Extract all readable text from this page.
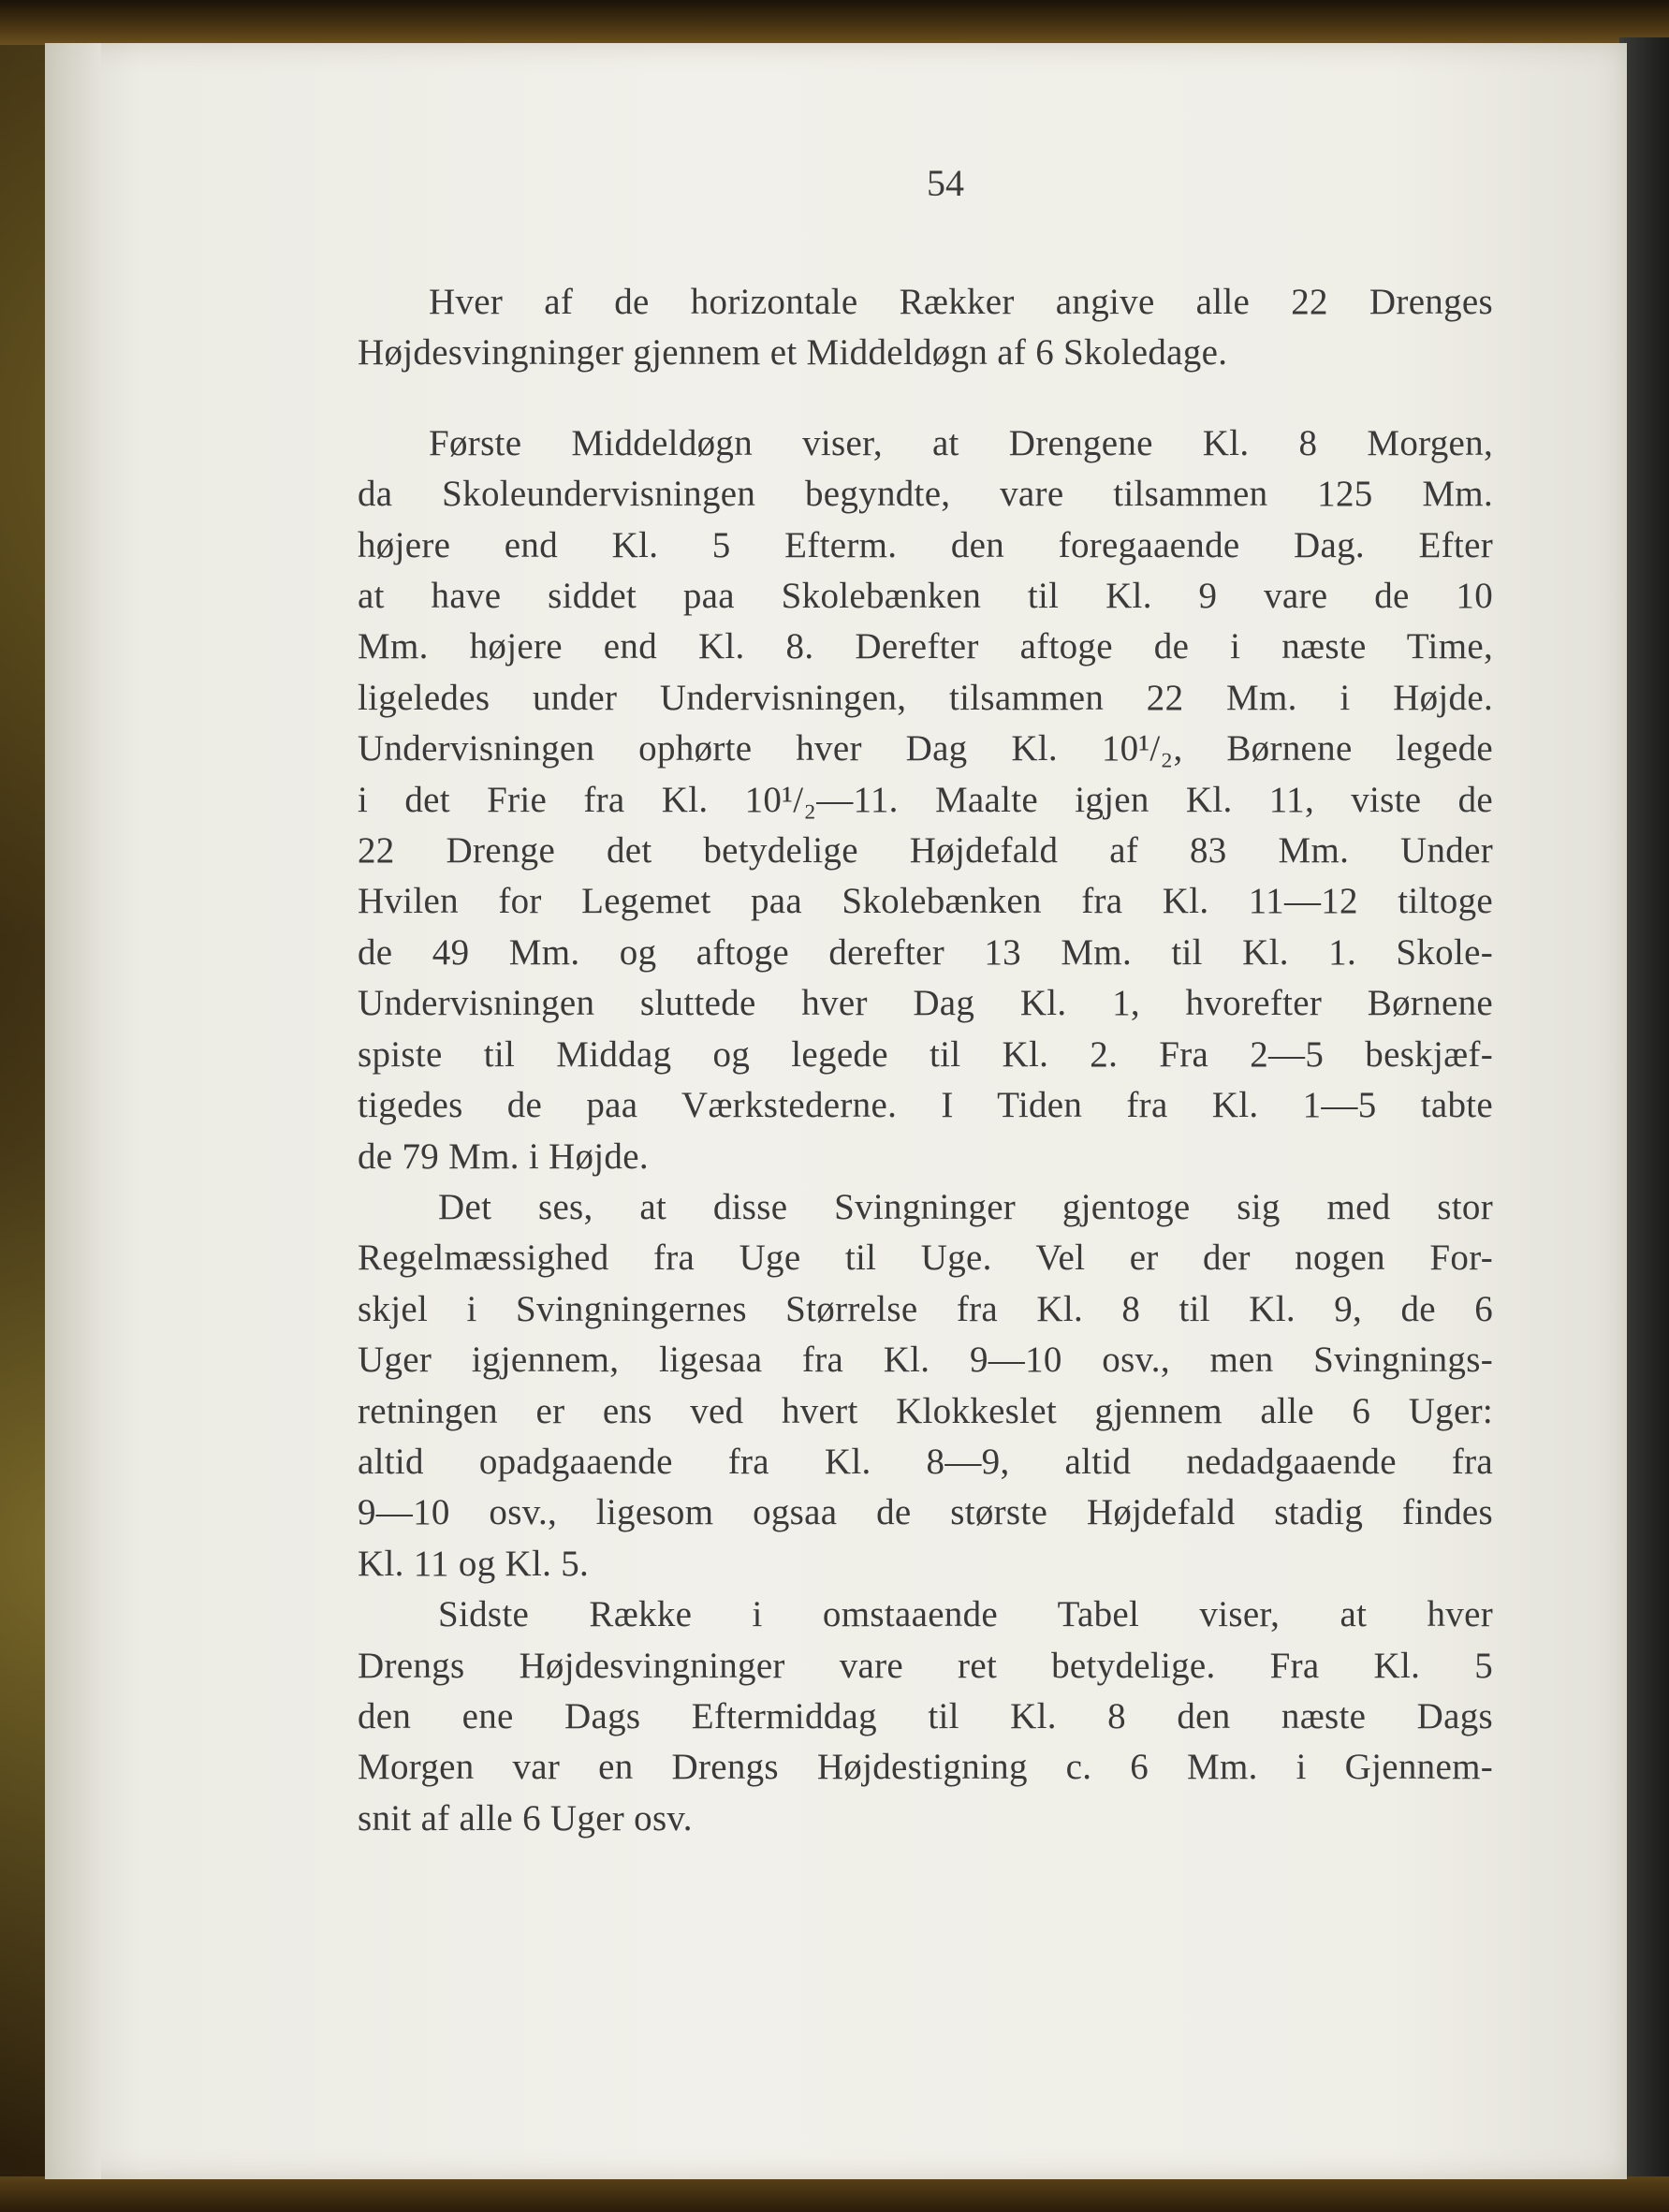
54

Hver af de horizontale Rækker angive alle 22 Drenges
Højdesvingninger gjennem et Middeldøgn af 6 Skoledage.

Første Middeldøgn viser, at Drengene Kl. 8 Morgen,
da Skoleundervisningen begyndte, vare tilsammen 125 Mm.
højere end Kl. 5 Efterm. den foregaaende Dag. Efter
at have siddet paa Skolebænken til Kl. 9 vare de 10
Mm. højere end Kl. 8. Derefter aftoge de i næste Time,
ligeledes under Undervisningen, tilsammen 22 Mm. i Højde.
Undervisningen ophørte hver Dag Kl. 10¹/₂, Børnene legede
i det Frie fra Kl. 10¹/₂—11. Maalte igjen Kl. 11, viste de
22 Drenge det betydelige Højdefald af 83 Mm. Under
Hvilen for Legemet paa Skolebænken fra Kl. 11—12 tiltoge
de 49 Mm. og aftoge derefter 13 Mm. til Kl. 1. Skole-
Undervisningen sluttede hver Dag Kl. 1, hvorefter Børnene
spiste til Middag og legede til Kl. 2. Fra 2—5 beskjæf-
tigedes de paa Værkstederne. I Tiden fra Kl. 1—5 tabte
de 79 Mm. i Højde.

Det ses, at disse Svingninger gjentoge sig med stor
Regelmæssighed fra Uge til Uge. Vel er der nogen For-
skjel i Svingningernes Størrelse fra Kl. 8 til Kl. 9, de 6
Uger igjennem, ligesaa fra Kl. 9—10 osv., men Svingnings-
retningen er ens ved hvert Klokkeslet gjennem alle 6 Uger:
altid opadgaaende fra Kl. 8—9, altid nedadgaaende fra
9—10 osv., ligesom ogsaa de største Højdefald stadig findes
Kl. 11 og Kl. 5.

Sidste Række i omstaaende Tabel viser, at hver
Drengs Højdesvingninger vare ret betydelige. Fra Kl. 5
den ene Dags Eftermiddag til Kl. 8 den næste Dags
Morgen var en Drengs Højdestigning c. 6 Mm. i Gjennem-
snit af alle 6 Uger osv.
